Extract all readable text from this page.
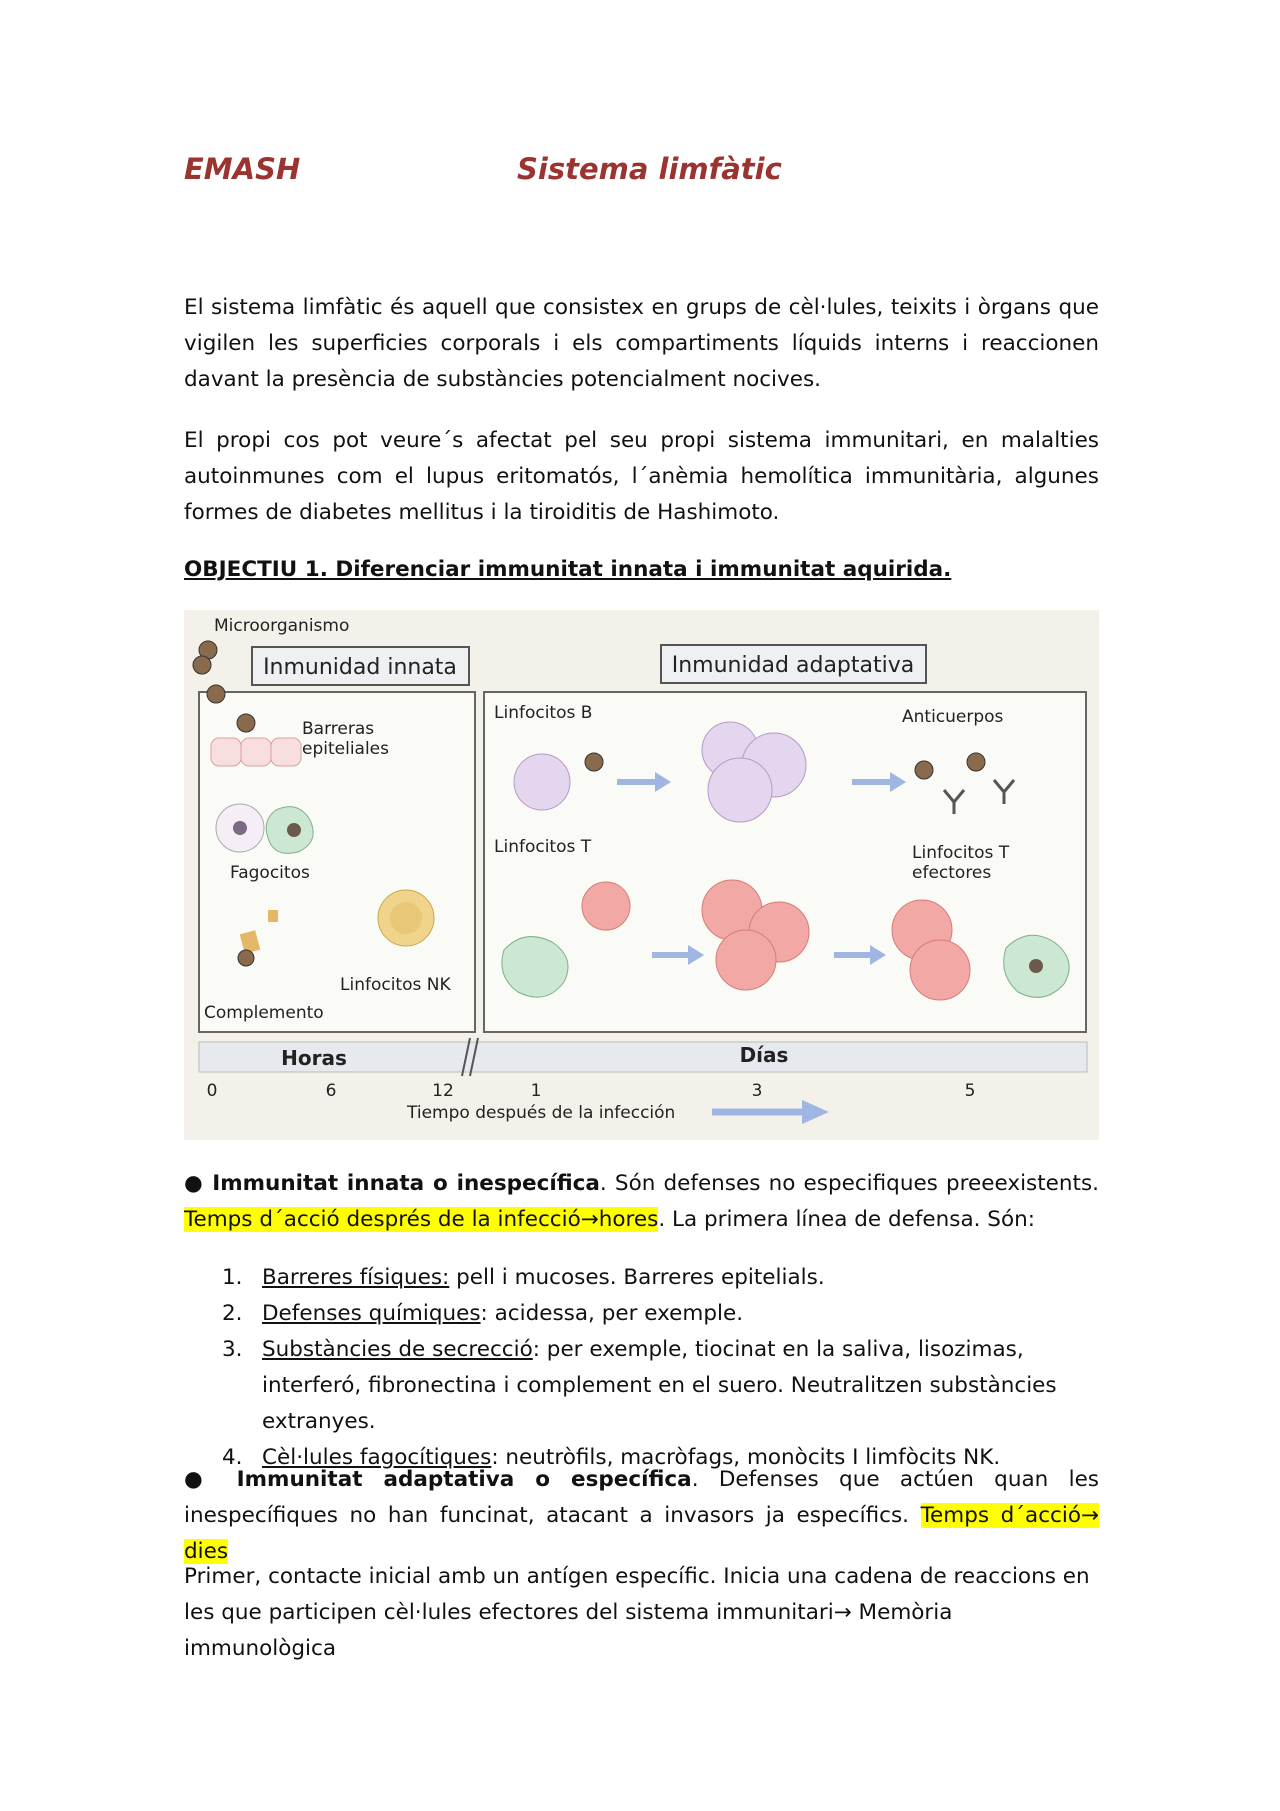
EMASH	Sistema limfàtic

El sistema limfàtic és aquell que consistex en grups de cèl·lules, teixits i òrgans que vigilen les superficies corporals i els compartiments líquids interns i reaccionen davant la presència de substàncies potencialment nocives.

El propi cos pot veure´s afectat pel seu propi sistema immunitari, en malalties autoinmunes com el lupus eritomatós, l´anèmia hemolítica immunitària, algunes formes de diabetes mellitus i la tiroiditis de Hashimoto.

OBJECTIU 1. Diferenciar immunitat innata i immunitat aquirida.
Inmunidad innata	Inmunidad adaptativa
Microorganismo
Barreras
epiteliales
Fagocitos
Complemento
Linfocitos NK
Linfocitos B	Anticuerpos
Linfocitos T	Linfocitos T
efectores
Horas	Días
0	6	12	1	3	5
Tiempo después de la infección

● Immunitat innata o inespecífica. Són defenses no especifiques preeexistents. Temps d´acció després de la infecció→hores. La primera línea de defensa. Són:

1. Barreres físiques: pell i mucoses. Barreres epitelials.
2. Defenses químiques: acidessa, per exemple.
3. Substàncies de secrecció: per exemple, tiocinat en la saliva, lisozimas, interferó, fibronectina i complement en el suero. Neutralitzen substàncies extranyes.
4. Cèl·lules fagocítiques: neutròfils, macròfags, monòcits I limfòcits NK.

● Immunitat adaptativa o específica. Defenses que actúen quan les inespecífiques no han funcinat, atacant a invasors ja específics. Temps d´acció→ dies

Primer, contacte inicial amb un antígen específic. Inicia una cadena de reaccions en les que participen cèl·lules efectores del sistema immunitari→ Memòria immunològica
